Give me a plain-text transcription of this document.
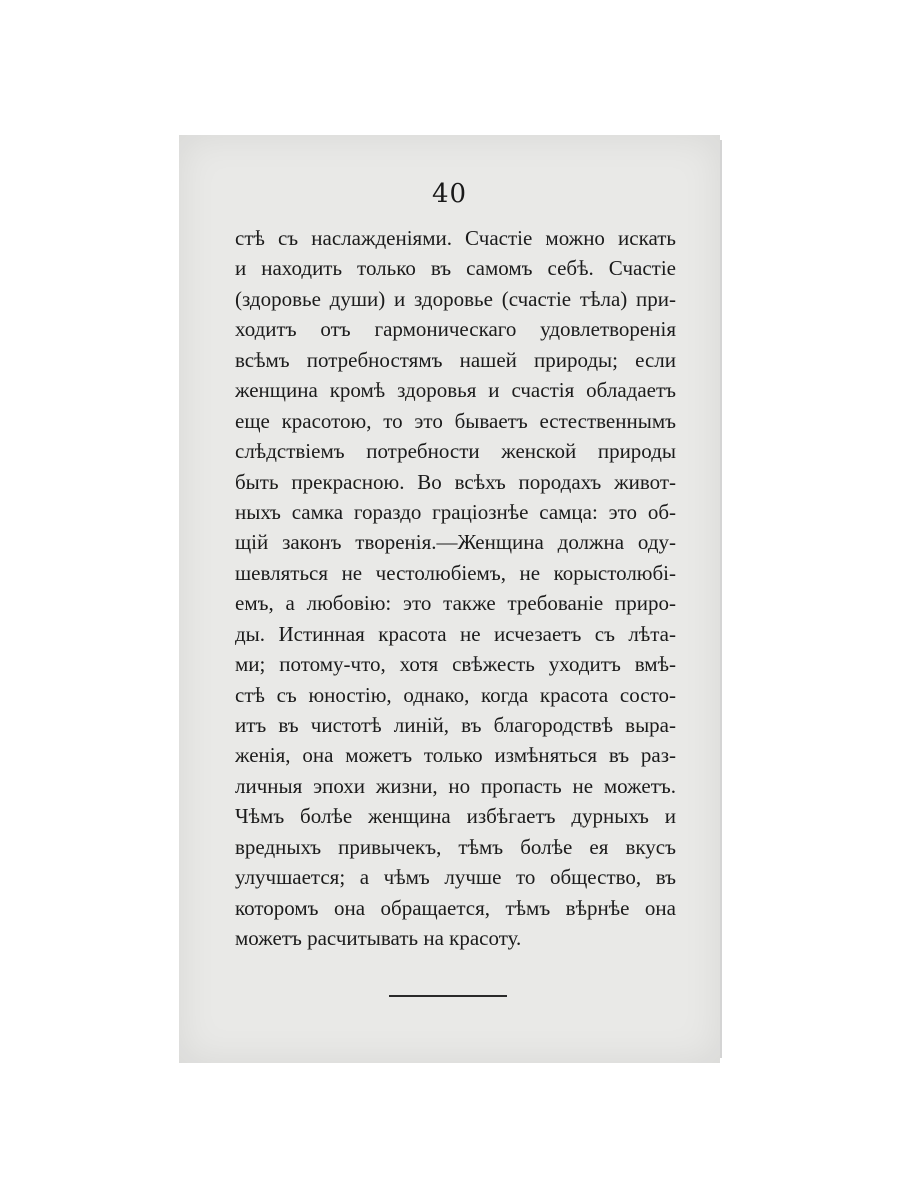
40
стѣ съ наслажденіями. Счастіе можно искать
и находить только въ самомъ себѣ. Счастіе
(здоровье души) и здоровье (счастіе тѣла) при-
ходитъ отъ гармоническаго удовлетворенія
всѣмъ потребностямъ нашей природы; если
женщина кромѣ здоровья и счастія обладаетъ
еще красотою, то это бываетъ естественнымъ
слѣдствіемъ потребности женской природы
быть прекрасною. Во всѣхъ породахъ живот-
ныхъ самка гораздо граціознѣе самца: это об-
щій законъ творенія.—Женщина должна оду-
шевляться не честолюбіемъ, не корыстолюбі-
емъ, а любовію: это также требованіе приро-
ды. Истинная красота не исчезаетъ съ лѣта-
ми; потому-что, хотя свѣжесть уходитъ вмѣ-
стѣ съ юностію, однако, когда красота состо-
итъ въ чистотѣ линій, въ благородствѣ выра-
женія, она можетъ только измѣняться въ раз-
личныя эпохи жизни, но пропасть не можетъ.
Чѣмъ болѣе женщина избѣгаетъ дурныхъ и
вредныхъ привычекъ, тѣмъ болѣе ея вкусъ
улучшается; а чѣмъ лучше то общество, въ
которомъ она обращается, тѣмъ вѣрнѣе она
можетъ расчитывать на красоту.
